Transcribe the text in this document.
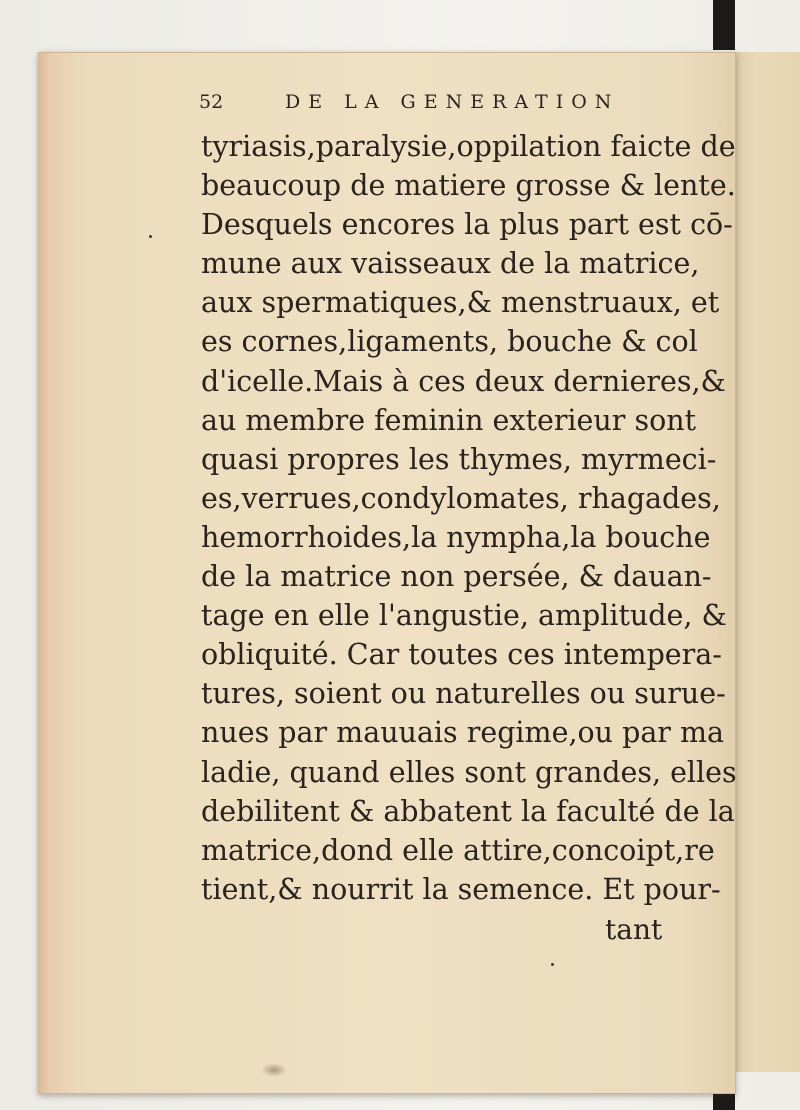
52	DE LA GENERATION
tyriasis,paralysie,oppilation faicte de
beaucoup de matiere grosse & lente.
Desquels encores la plus part est cō-
mune aux vaisseaux de la matrice,
aux spermatiques,& menstruaux, et
es cornes,ligaments, bouche & col
d'icelle.Mais à ces deux dernieres,&
au membre feminin exterieur sont
quasi propres les thymes, myrmeci-
es,verrues,condylomates, rhagades,
hemorrhoides,la nympha,la bouche
de la matrice non persée, & dauan-
tage en elle l'angustie, amplitude, &
obliquité. Car toutes ces intempera-
tures, soient ou naturelles ou surue-
nues par mauuais regime,ou par ma
ladie, quand elles sont grandes, elles
debilitent & abbatent la faculté de la
matrice,dond elle attire,concoipt,re
tient,& nourrit la semence. Et pour-
tant
